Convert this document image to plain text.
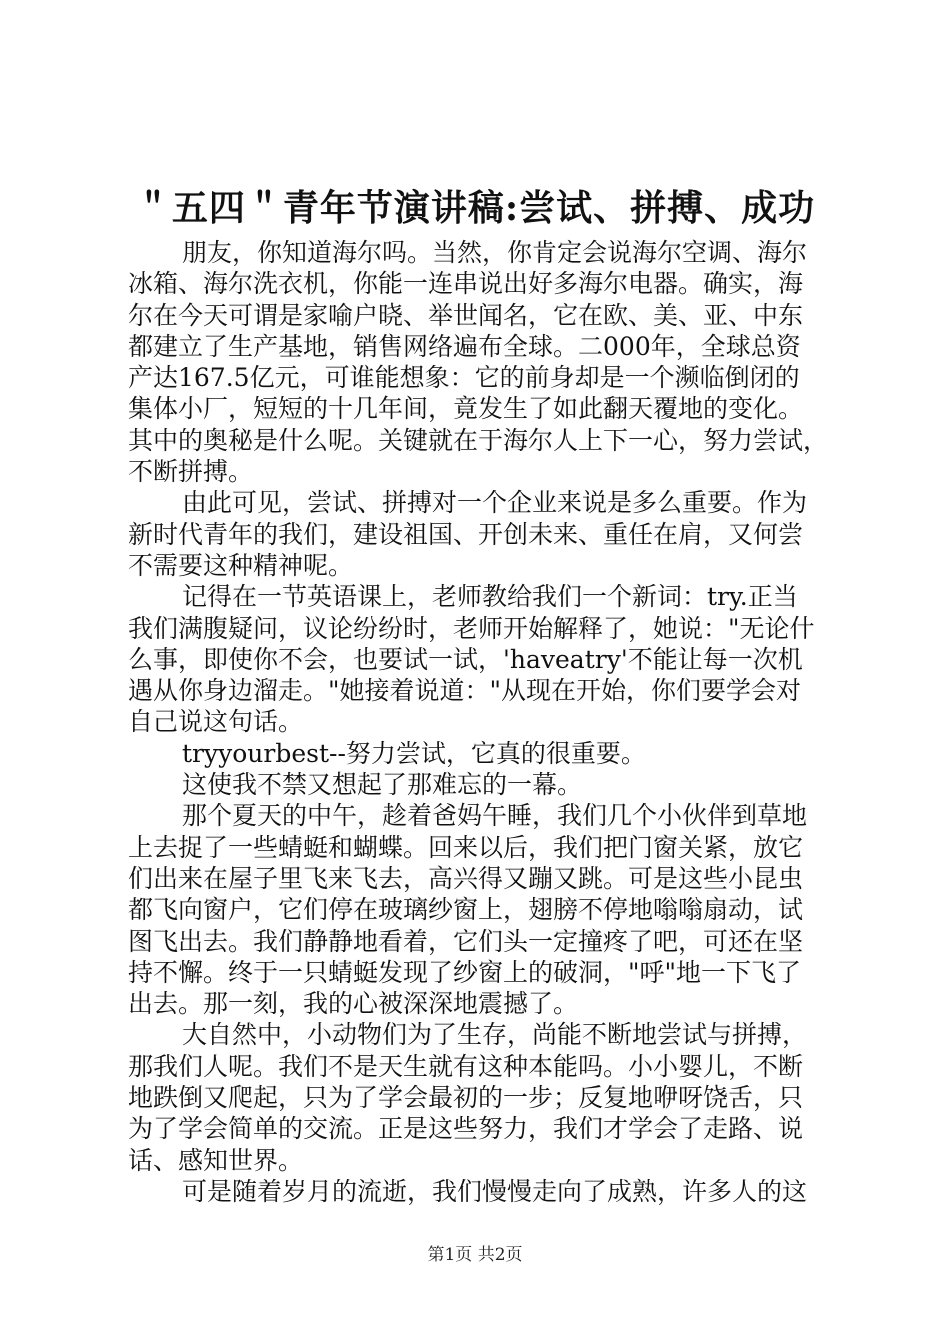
＂五四＂青年节演讲稿:尝试、拼搏、成功
朋友，你知道海尔吗。当然，你肯定会说海尔空调、海尔
冰箱、海尔洗衣机，你能一连串说出好多海尔电器。确实，海
尔在今天可谓是家喻户晓、举世闻名，它在欧、美、亚、中东
都建立了生产基地，销售网络遍布全球。二000年，全球总资
产达167.5亿元，可谁能想象：它的前身却是一个濒临倒闭的
集体小厂，短短的十几年间，竟发生了如此翻天覆地的变化。
其中的奥秘是什么呢。关键就在于海尔人上下一心，努力尝试，
不断拼搏。
由此可见，尝试、拼搏对一个企业来说是多么重要。作为
新时代青年的我们，建设祖国、开创未来、重任在肩，又何尝
不需要这种精神呢。
记得在一节英语课上，老师教给我们一个新词：try.正当
我们满腹疑问，议论纷纷时，老师开始解释了，她说："无论什
么事，即使你不会，也要试一试，'haveatry'不能让每一次机
遇从你身边溜走。"她接着说道："从现在开始，你们要学会对
自己说这句话。
tryyourbest--努力尝试，它真的很重要。
这使我不禁又想起了那难忘的一幕。
那个夏天的中午，趁着爸妈午睡，我们几个小伙伴到草地
上去捉了一些蜻蜓和蝴蝶。回来以后，我们把门窗关紧，放它
们出来在屋子里飞来飞去，高兴得又蹦又跳。可是这些小昆虫
都飞向窗户，它们停在玻璃纱窗上，翅膀不停地嗡嗡扇动，试
图飞出去。我们静静地看着，它们头一定撞疼了吧，可还在坚
持不懈。终于一只蜻蜓发现了纱窗上的破洞，"呼"地一下飞了
出去。那一刻，我的心被深深地震撼了。
大自然中，小动物们为了生存，尚能不断地尝试与拼搏，
那我们人呢。我们不是天生就有这种本能吗。小小婴儿，不断
地跌倒又爬起，只为了学会最初的一步；反复地咿呀饶舌，只
为了学会简单的交流。正是这些努力，我们才学会了走路、说
话、感知世界。
可是随着岁月的流逝，我们慢慢走向了成熟，许多人的这
第1页 共2页
